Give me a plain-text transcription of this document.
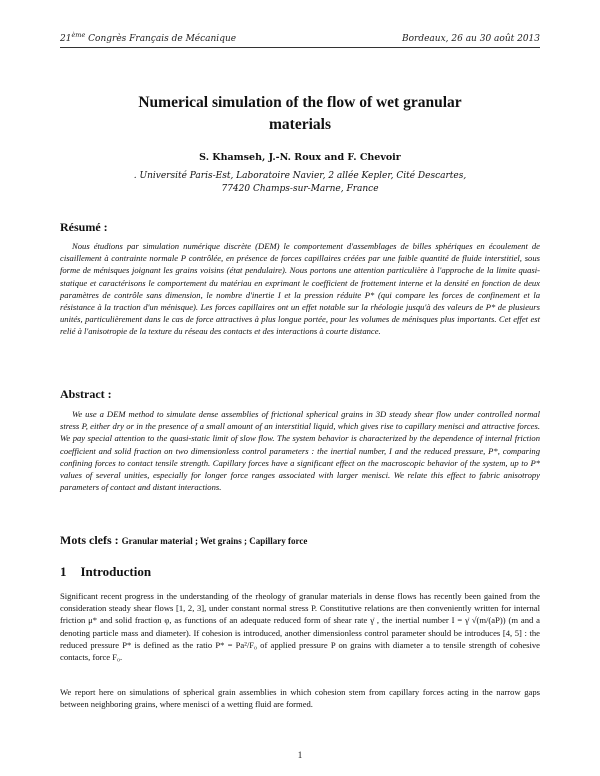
21ème Congrès Français de Mécanique	Bordeaux, 26 au 30 août 2013
Numerical simulation of the flow of wet granular
materials
S. Khamseh, J.-N. Roux and F. Chevoir
. Université Paris-Est, Laboratoire Navier, 2 allée Kepler, Cité Descartes,
77420 Champs-sur-Marne, France
Résumé :
Nous étudions par simulation numérique discrète (DEM) le comportement d'assemblages de billes sphériques en écoulement de cisaillement à contrainte normale P contrôlée, en présence de forces capillaires créées par une faible quantité de fluide interstitiel, sous forme de ménisques joignant les grains voisins (état pendulaire). Nous portons une attention particulière à l'approche de la limite quasi-statique et caractérisons le comportement du matériau en exprimant le coefficient de frottement interne et la densité en fonction de deux paramètres de contrôle sans dimension, le nombre d'inertie I et la pression réduite P* (qui compare les forces de confinement et la résistance à la traction d'un ménisque). Les forces capillaires ont un effet notable sur la rhéologie jusqu'à des valeurs de P* de plusieurs unités, particulièrement dans le cas de force attractives à plus longue portée, pour les volumes de ménisques plus importants. Cet effet est relié à l'anisotropie de la texture du réseau des contacts et des interactions à courte distance.
Abstract :
We use a DEM method to simulate dense assemblies of frictional spherical grains in 3D steady shear flow under controlled normal stress P, either dry or in the presence of a small amount of an interstitial liquid, which gives rise to capillary menisci and attractive forces. We pay special attention to the quasi-static limit of slow flow. The system behavior is characterized by the dependence of internal friction coefficient and solid fraction on two dimensionless control parameters : the inertial number, I and the reduced pressure, P*, comparing confining forces to contact tensile strength. Capillary forces have a significant effect on the macroscopic behavior of the system, up to P* values of several unities, especially for longer force ranges associated with larger menisci. We relate this effect to fabric anisotropy parameters of contact and distant interactions.
Mots clefs : Granular material ; Wet grains ; Capillary force
1 Introduction
Significant recent progress in the understanding of the rheology of granular materials in dense flows has recently been gained from the consideration steady shear flows [1, 2, 3], under constant normal stress P. Constitutive relations are then conveniently written for internal friction μ* and solid fraction φ, as functions of an adequate reduced form of shear rate γ̇ , the inertial number I = γ̇ √(m/(aP)) (m and a denoting particle mass and diameter). If cohesion is introduced, another dimensionless control parameter should be introduces [4, 5] : the reduced pressure P* is defined as the ratio P* = Pa²/F₀ of applied pressure P on grains with diameter a to tensile strength of cohesive contacts, force F₀.
We report here on simulations of spherical grain assemblies in which cohesion stem from capillary forces acting in the narrow gaps between neighboring grains, where menisci of a wetting fluid are formed.
1
